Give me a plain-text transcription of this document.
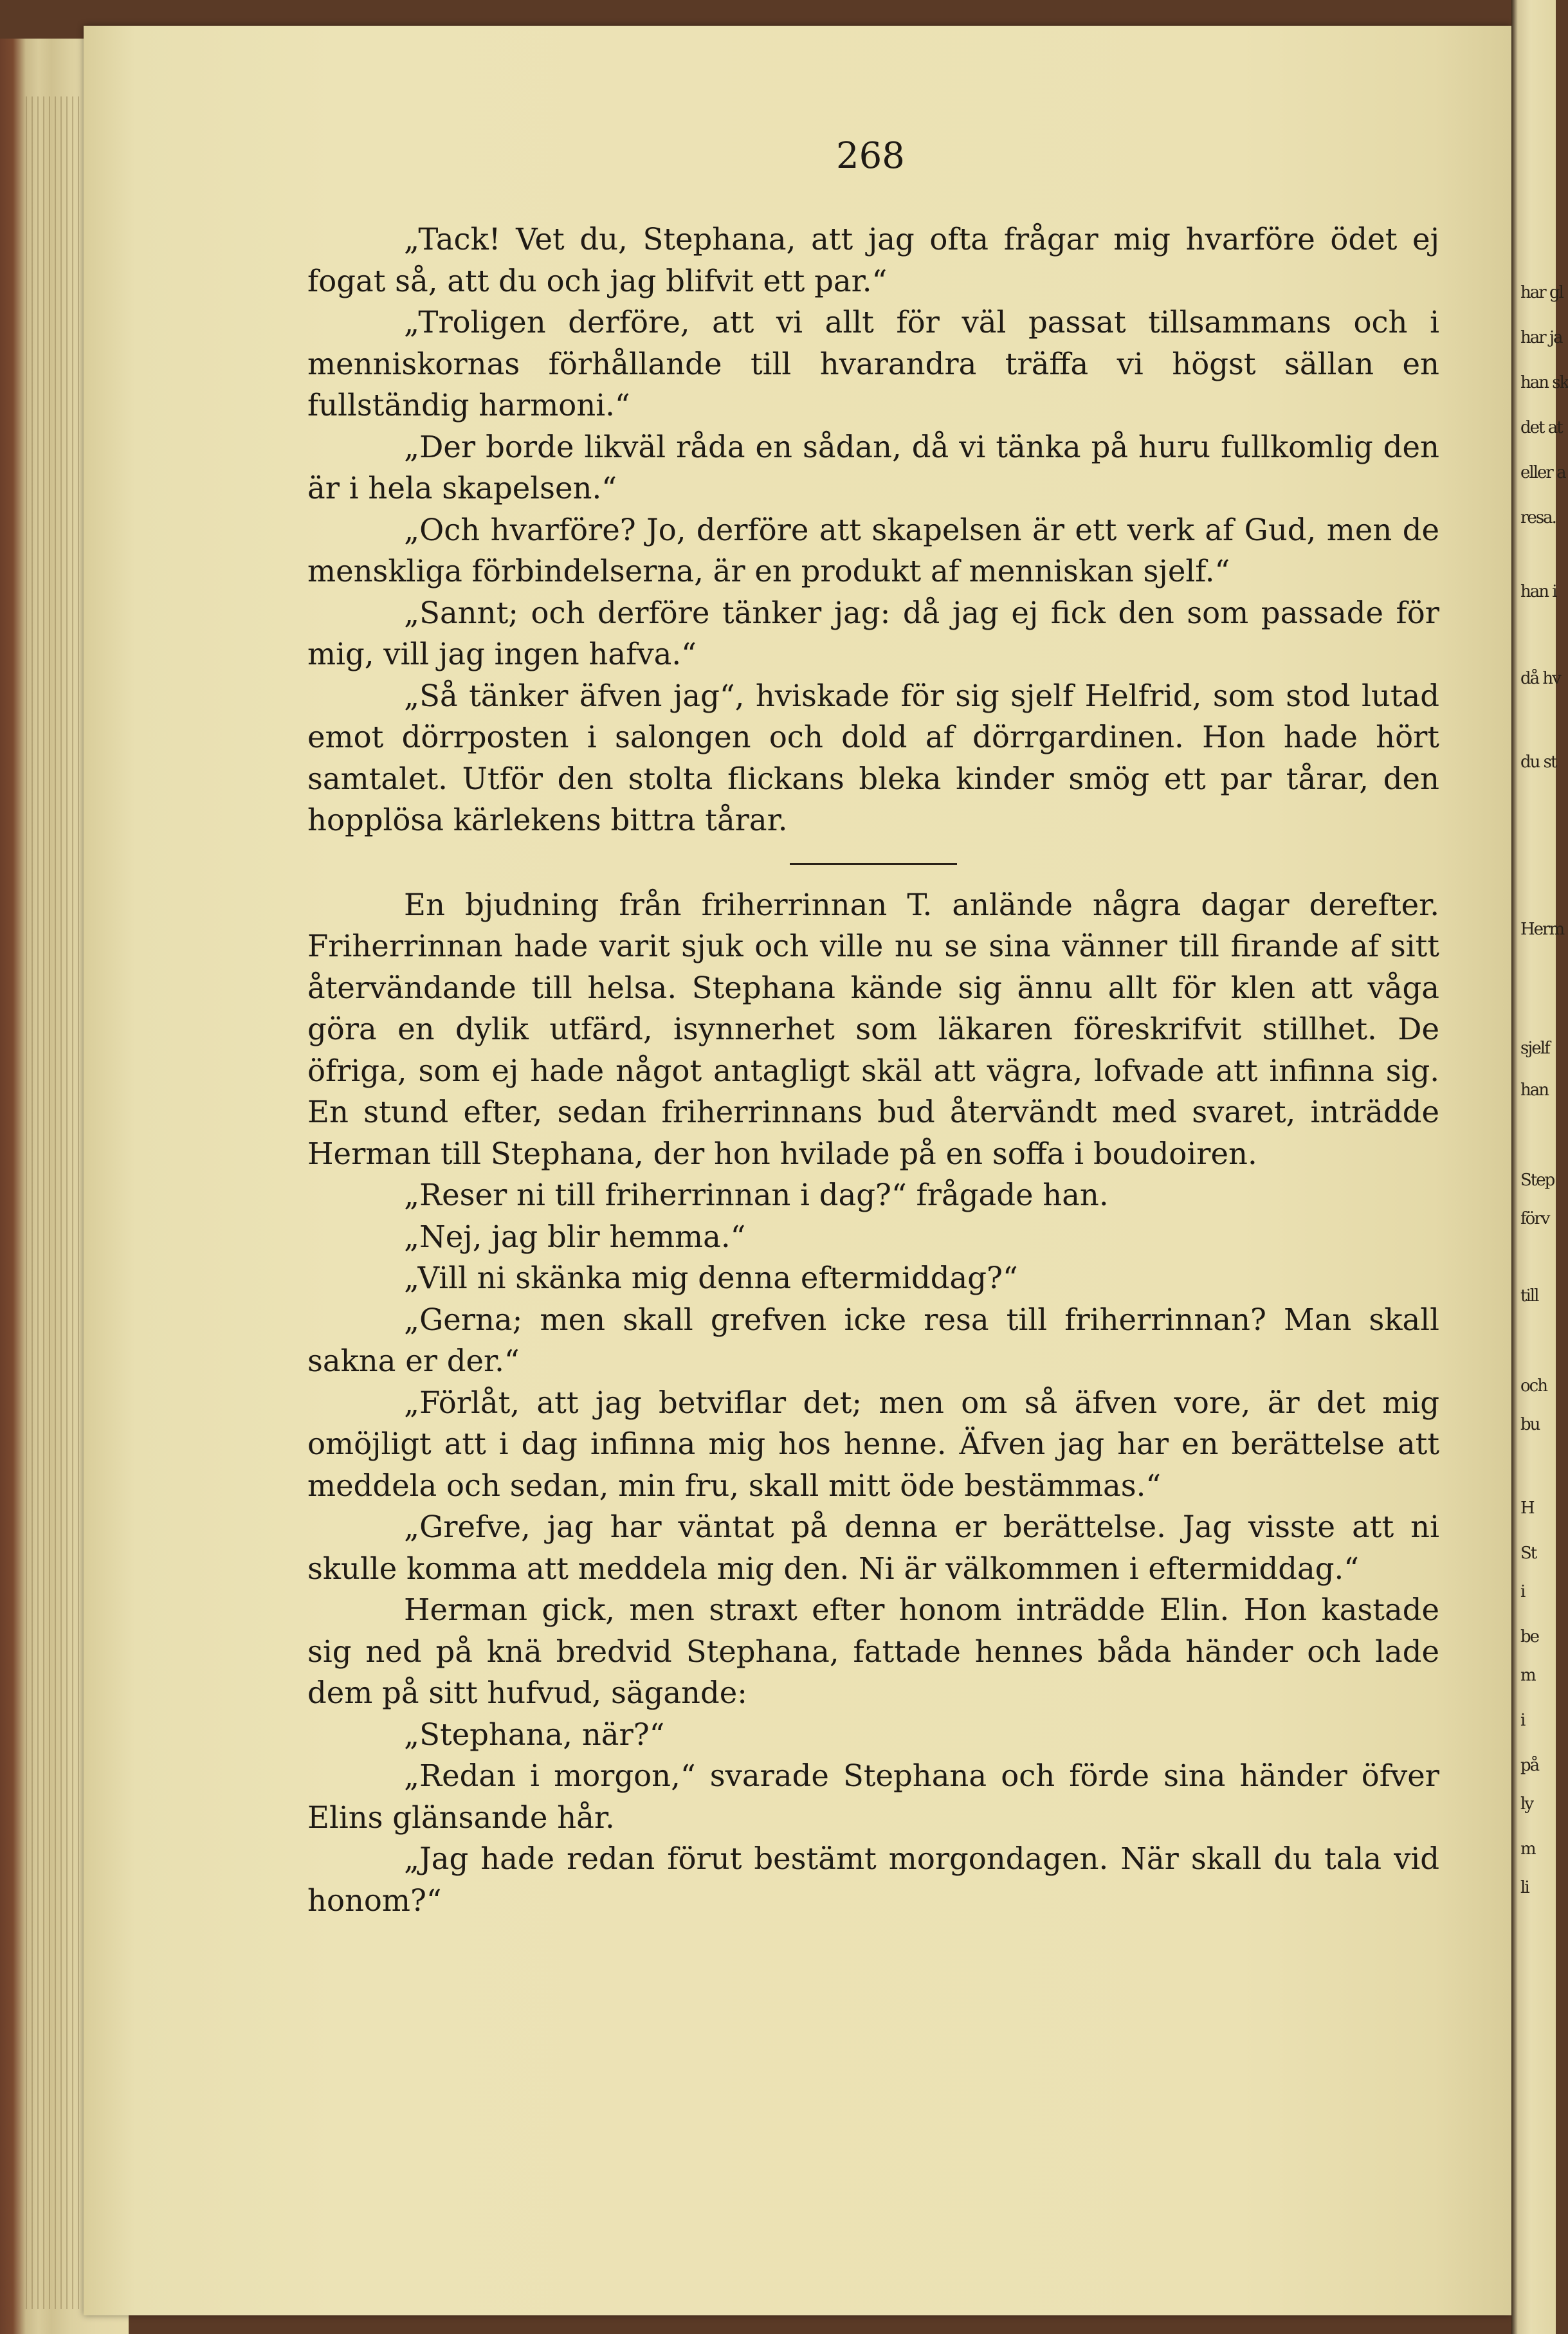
har gl
har ja
han sk
det at
eller a
resa.
han i
då hv
du st
Herm
sjelf
han
Step
förv
till
och
bu
H
St
i
be
m
i
på
ly
m
li
268

„Tack! Vet du, Stephana, att jag ofta frågar mig hvarföre ödet ej fogat så, att du och jag blifvit ett par.“

„Troligen derföre, att vi allt för väl passat tillsammans och i menniskornas förhållande till hvarandra träffa vi högst sällan en fullständig harmoni.“

„Der borde likväl råda en sådan, då vi tänka på huru fullkomlig den är i hela skapelsen.“

„Och hvarföre? Jo, derföre att skapelsen är ett verk af Gud, men de menskliga förbindelserna, är en produkt af menniskan sjelf.“

„Sannt; och derföre tänker jag: då jag ej fick den som passade för mig, vill jag ingen hafva.“

„Så tänker äfven jag“, hviskade för sig sjelf Helfrid, som stod lutad emot dörrposten i salongen och dold af dörrgardinen. Hon hade hört samtalet. Utför den stolta flickans bleka kinder smög ett par tårar, den hopplösa kärlekens bittra tårar.

En bjudning från friherrinnan T. anlände några dagar derefter. Friherrinnan hade varit sjuk och ville nu se sina vänner till firande af sitt återvändande till helsa. Stephana kände sig ännu allt för klen att våga göra en dylik utfärd, isynnerhet som läkaren föreskrifvit stillhet. De öfriga, som ej hade något antagligt skäl att vägra, lofvade att infinna sig. En stund efter, sedan friherrinnans bud återvändt med svaret, inträdde Herman till Stephana, der hon hvilade på en soffa i boudoiren.

„Reser ni till friherrinnan i dag?“ frågade han.

„Nej, jag blir hemma.“

„Vill ni skänka mig denna eftermiddag?“

„Gerna; men skall grefven icke resa till friherrinnan? Man skall sakna er der.“

„Förlåt, att jag betviflar det; men om så äfven vore, är det mig omöjligt att i dag infinna mig hos henne. Äfven jag har en berättelse att meddela och sedan, min fru, skall mitt öde bestämmas.“

„Grefve, jag har väntat på denna er berättelse. Jag visste att ni skulle komma att meddela mig den. Ni är välkommen i eftermiddag.“

Herman gick, men straxt efter honom inträdde Elin. Hon kastade sig ned på knä bredvid Stephana, fattade hennes båda händer och lade dem på sitt hufvud, sägande:

„Stephana, när?“

„Redan i morgon,“ svarade Stephana och förde sina händer öfver Elins glänsande hår.

„Jag hade redan förut bestämt morgondagen. När skall du tala vid honom?“
